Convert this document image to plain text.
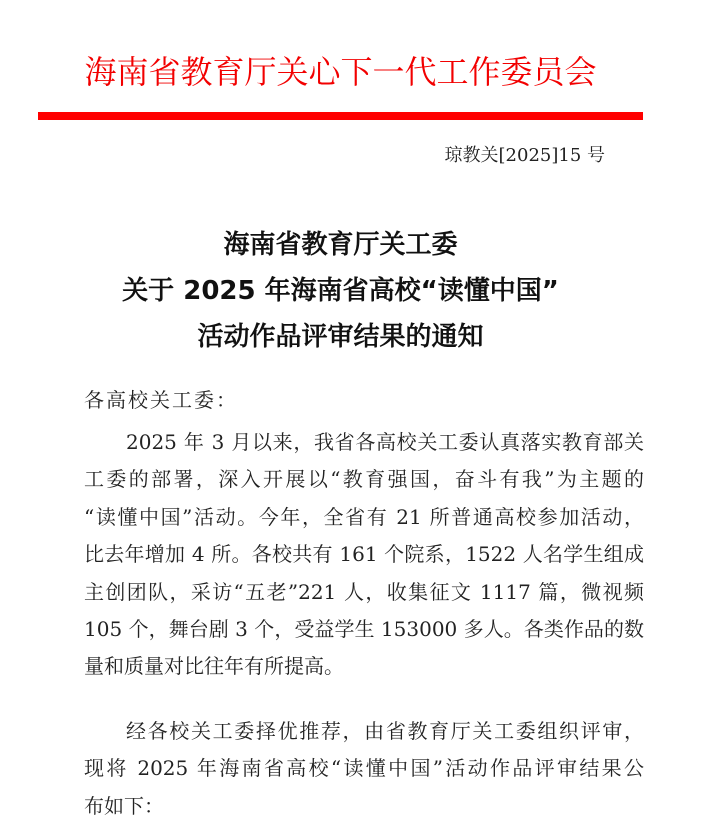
海南省教育厅关心下一代工作委员会
琼教关[2025]15 号
海南省教育厅关工委
关于 2025 年海南省高校“读懂中国”
活动作品评审结果的通知
各高校关工委：
2025 年 3 月以来，我省各高校关工委认真落实教育部关
工委的部署，深入开展以“教育强国，奋斗有我”为主题的
“读懂中国”活动。今年，全省有 21 所普通高校参加活动，
比去年增加 4 所。各校共有 161 个院系，1522 人名学生组成
主创团队，采访“五老”221 人，收集征文 1117 篇，微视频
105 个，舞台剧 3 个，受益学生 153000 多人。各类作品的数
量和质量对比往年有所提高。
经各校关工委择优推荐，由省教育厅关工委组织评审，
现将 2025 年海南省高校“读懂中国”活动作品评审结果公
布如下：
